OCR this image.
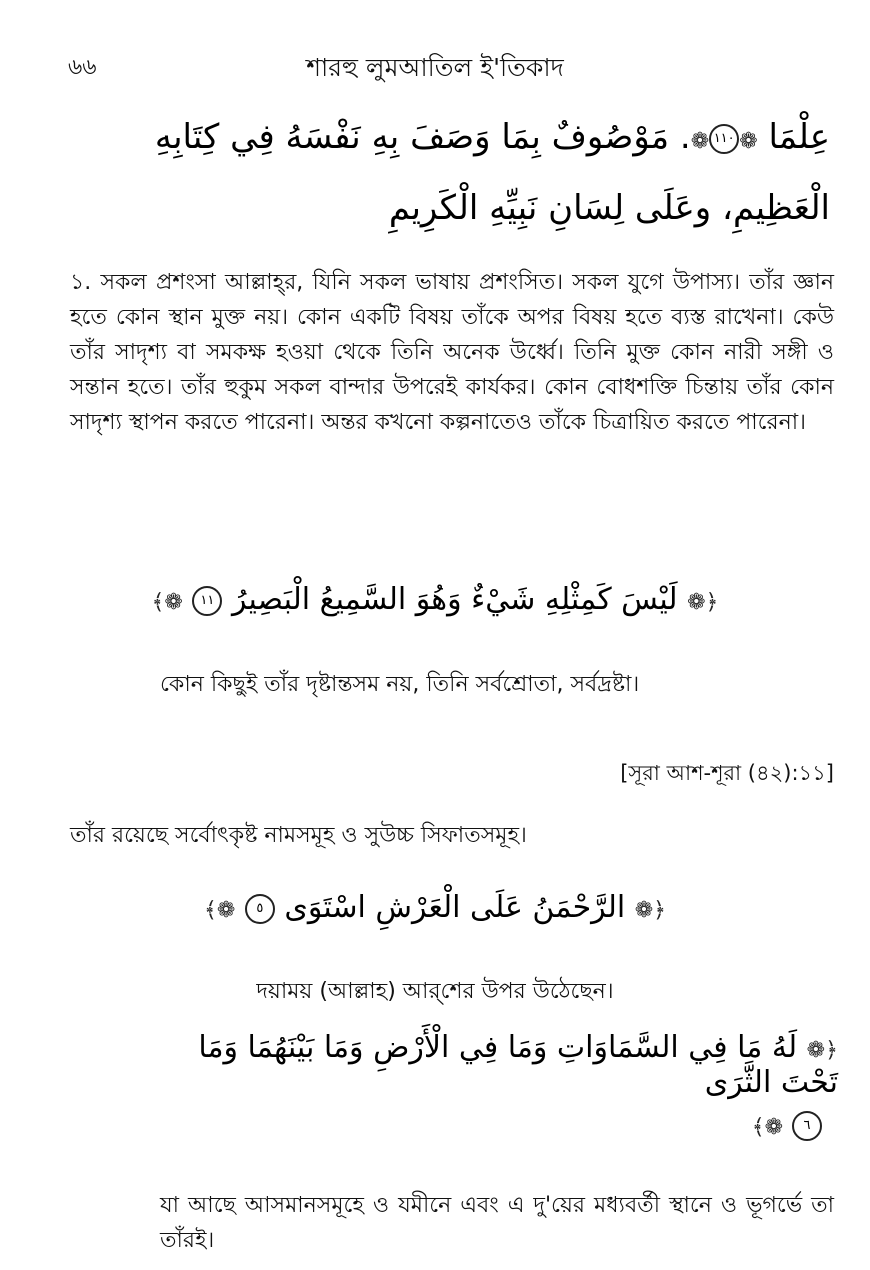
৬৬	শারহু লুমআতিল ই'তিকাদ
عِلْمَا ❁١١٠❁. مَوْصُوفٌ بِمَا وَصَفَ بِهِ نَفْسَهُ فِي كِتَابِهِ الْعَظِيمِ، وعَلَى لِسَانِ نَبِيِّهِ الْكَرِيمِ
১. সকল প্রশংসা আল্লাহ্‌র, যিনি সকল ভাষায় প্রশংসিত। সকল যুগে উপাস্য। তাঁর জ্ঞান হতে কোন স্থান মুক্ত নয়। কোন একটি বিষয় তাঁকে অপর বিষয় হতে ব্যস্ত রাখেনা। কেউ তাঁর সাদৃশ্য বা সমকক্ষ হওয়া থেকে তিনি অনেক উর্ধ্বে। তিনি মুক্ত কোন নারী সঙ্গী ও সন্তান হতে। তাঁর হুকুম সকল বান্দার উপরেই কার্যকর। কোন বোধশক্তি চিন্তায় তাঁর কোন সাদৃশ্য স্থাপন করতে পারেনা। অন্তর কখনো কল্পনাতেও তাঁকে চিত্রায়িত করতে পারেনা।
﴿❁ لَيْسَ كَمِثْلِهِ شَيْءٌ وَهُوَ السَّمِيعُ الْبَصِيرُ ١١ ❁﴾
কোন কিছুই তাঁর দৃষ্টান্তসম নয়, তিনি সর্বশ্রোতা, সর্বদ্রষ্টা।
[সূরা আশ-শূরা (৪২):১১]
তাঁর রয়েছে সর্বোৎকৃষ্ট নামসমূহ ও সুউচ্চ সিফাতসমূহ।
﴿❁ الرَّحْمَنُ عَلَى الْعَرْشِ اسْتَوَى ٥ ❁﴾
দয়াময় (আল্লাহ) আর্‌শের উপর উঠেছেন।
﴿❁ لَهُ مَا فِي السَّمَاوَاتِ وَمَا فِي الْأَرْضِ وَمَا بَيْنَهُمَا وَمَا تَحْتَ الثَّرَى
٦ ❁﴾
যা আছে আসমানসমূহে ও যমীনে এবং এ দু'য়ের মধ্যবর্তী স্থানে ও ভূগর্ভে তা তাঁরই।
